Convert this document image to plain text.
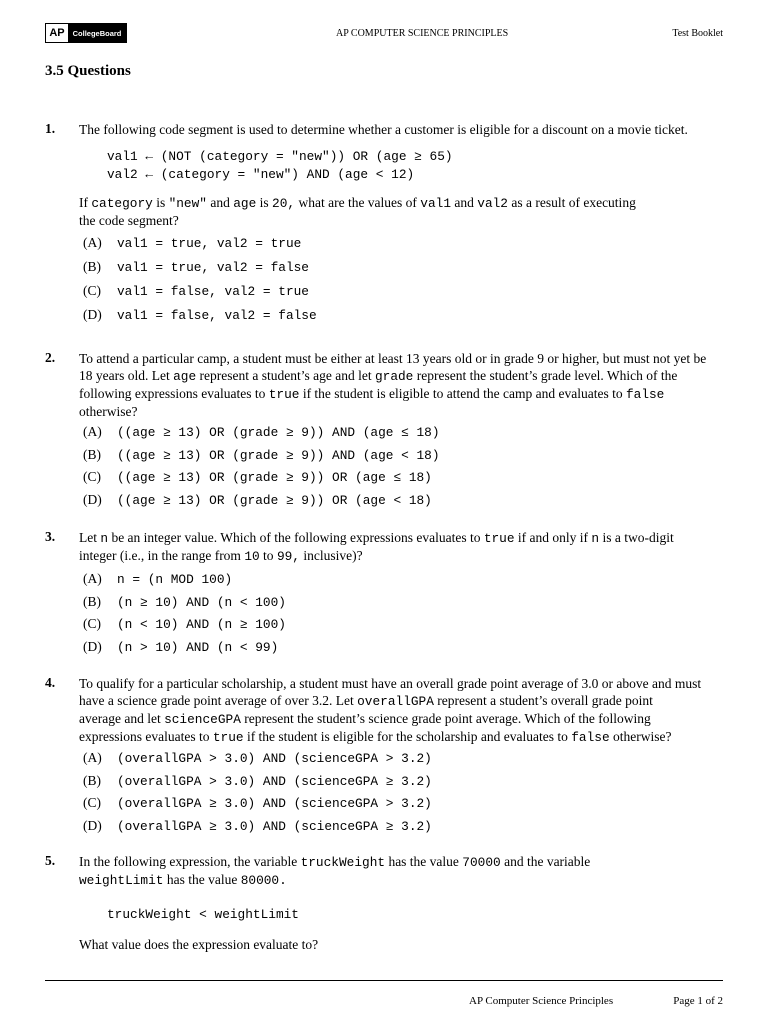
AP	CollegeBoard	AP COMPUTER SCIENCE PRINCIPLES	Test Booklet
3.5 Questions
1. The following code segment is used to determine whether a customer is eligible for a discount on a movie ticket.
val1 ← (NOT (category = "new")) OR (age ≥ 65)
val2 ← (category = "new") AND (age < 12)
If category is "new" and age is 20, what are the values of val1 and val2 as a result of executing
the code segment?
(A)	val1 = true, val2 = true
(B)	val1 = true, val2 = false
(C)	val1 = false, val2 = true
(D)	val1 = false, val2 = false
2. To attend a particular camp, a student must be either at least 13 years old or in grade 9 or higher, but must not yet be
18 years old. Let age represent a student’s age and let grade represent the student’s grade level. Which of the
following expressions evaluates to true if the student is eligible to attend the camp and evaluates to false
otherwise?
(A)	((age ≥ 13) OR (grade ≥ 9)) AND (age ≤ 18)
(B)	((age ≥ 13) OR (grade ≥ 9)) AND (age < 18)
(C)	((age ≥ 13) OR (grade ≥ 9)) OR (age ≤ 18)
(D)	((age ≥ 13) OR (grade ≥ 9)) OR (age < 18)
3. Let n be an integer value. Which of the following expressions evaluates to true if and only if n is a two-digit
integer (i.e., in the range from 10 to 99, inclusive)?
(A)	n = (n MOD 100)
(B)	(n ≥ 10) AND (n < 100)
(C)	(n < 10) AND (n ≥ 100)
(D)	(n > 10) AND (n < 99)
4. To qualify for a particular scholarship, a student must have an overall grade point average of 3.0 or above and must
have a science grade point average of over 3.2. Let overallGPA represent a student’s overall grade point
average and let scienceGPA represent the student’s science grade point average. Which of the following
expressions evaluates to true if the student is eligible for the scholarship and evaluates to false otherwise?
(A)	(overallGPA > 3.0) AND (scienceGPA > 3.2)
(B)	(overallGPA > 3.0) AND (scienceGPA ≥ 3.2)
(C)	(overallGPA ≥ 3.0) AND (scienceGPA > 3.2)
(D)	(overallGPA ≥ 3.0) AND (scienceGPA ≥ 3.2)
5. In the following expression, the variable truckWeight has the value 70000 and the variable
weightLimit has the value 80000.
truckWeight < weightLimit
What value does the expression evaluate to?
AP Computer Science Principles	Page 1 of 2
